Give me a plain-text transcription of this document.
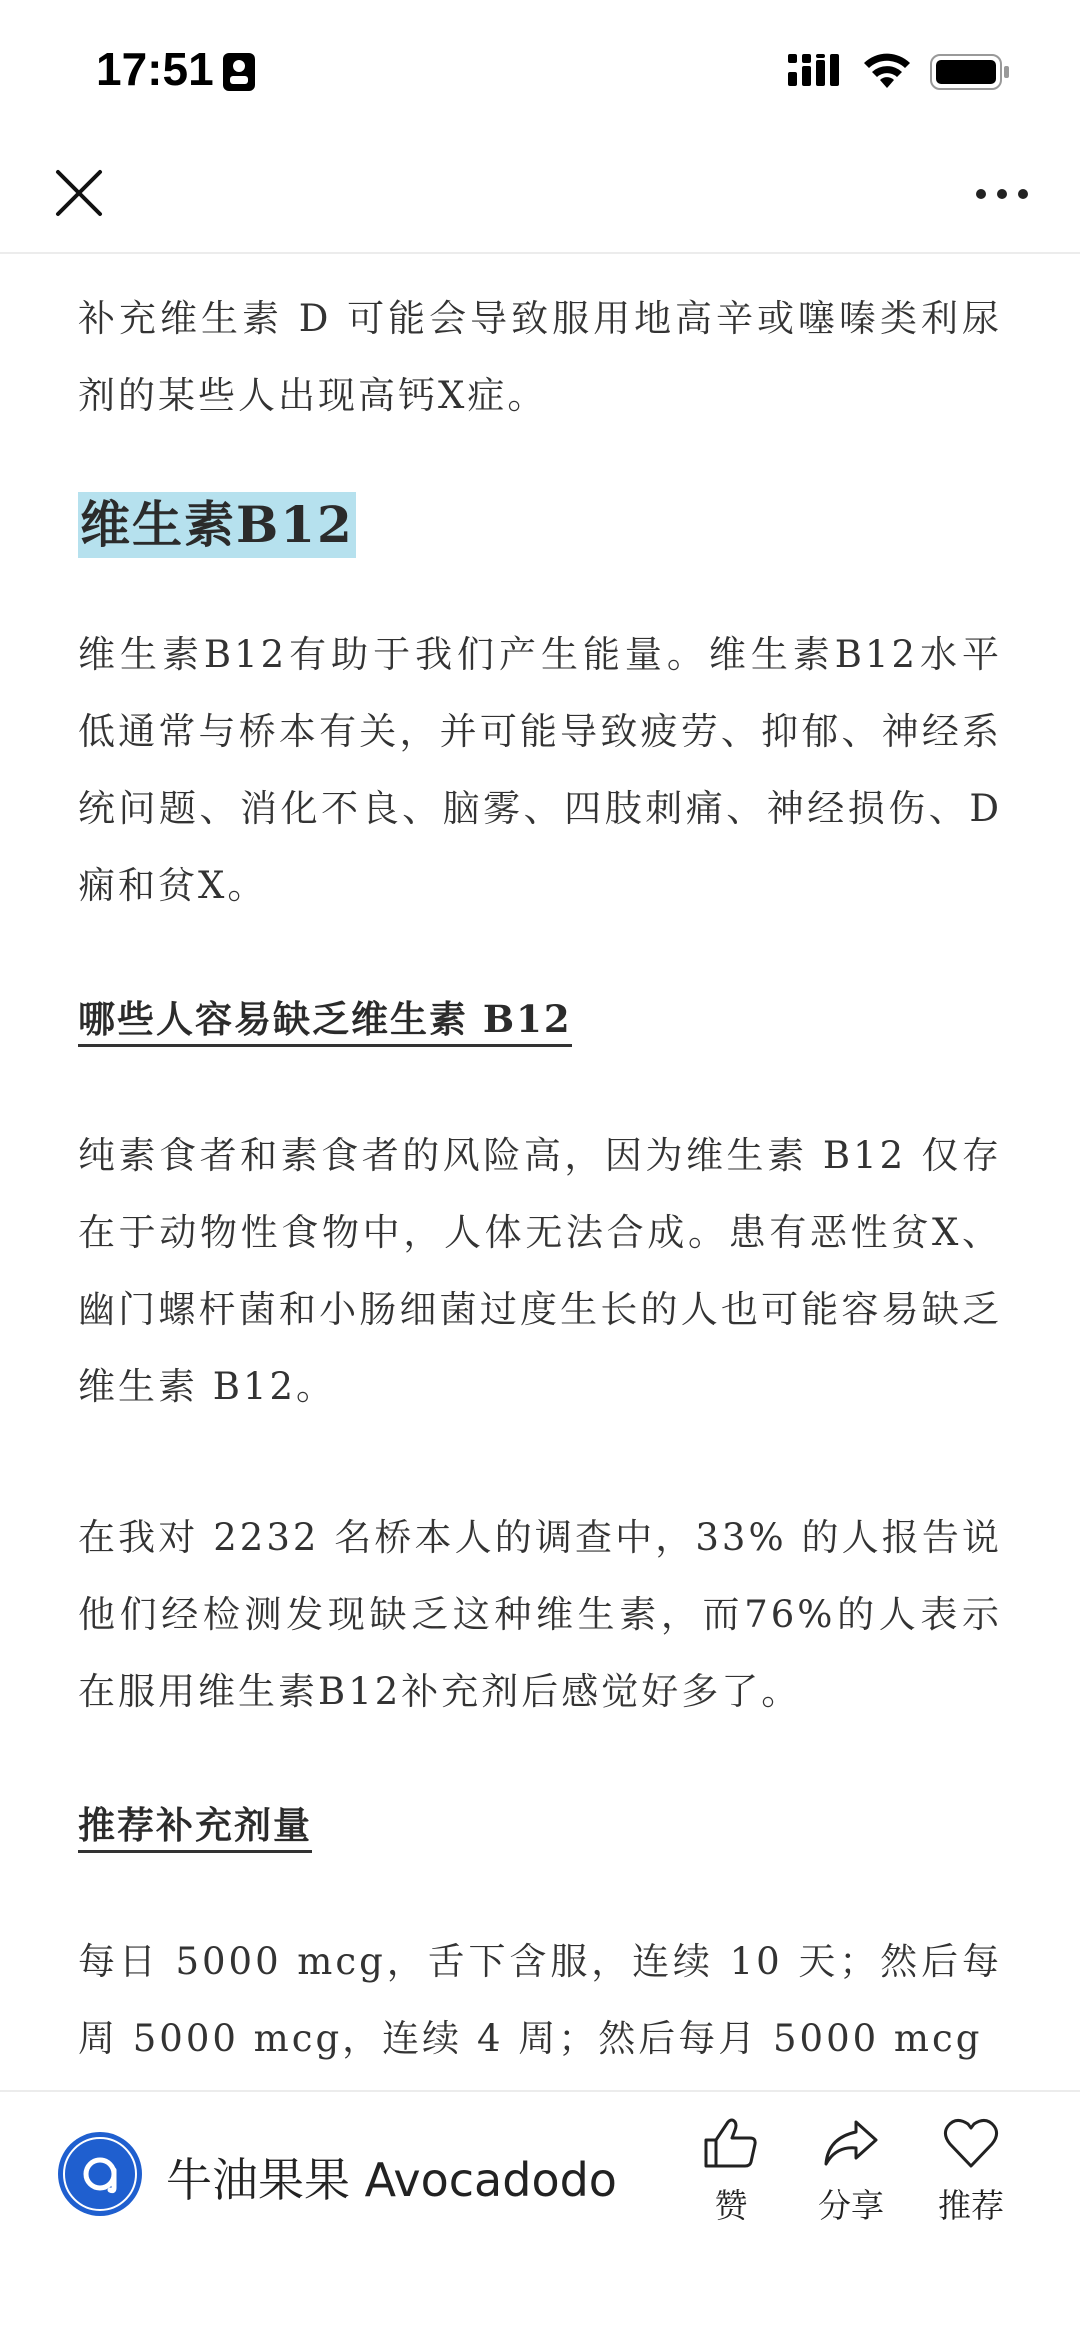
17:51

补充维生素 D 可能会导致服用地高辛或噻嗪类利尿剂的某些人出现高钙X症。

维生素B12

维生素B12有助于我们产生能量。维生素B12水平低通常与桥本有关，并可能导致疲劳、抑郁、神经系统问题、消化不良、脑雾、四肢刺痛、神经损伤、D痫和贫X。

哪些人容易缺乏维生素 B12

纯素食者和素食者的风险高，因为维生素 B12 仅存在于动物性食物中，人体无法合成。患有恶性贫X、幽门螺杆菌和小肠细菌过度生长的人也可能容易缺乏维生素 B12。

在我对 2232 名桥本人的调查中，33% 的人报告说他们经检测发现缺乏这种维生素，而76%的人表示在服用维生素B12补充剂后感觉好多了。

推荐补充剂量

每日 5000 mcg，舌下含服，连续 10 天；然后每周 5000 mcg，连续 4 周；然后每月 5000 mcg

牛油果果 Avocadodo	赞	分享	推荐
